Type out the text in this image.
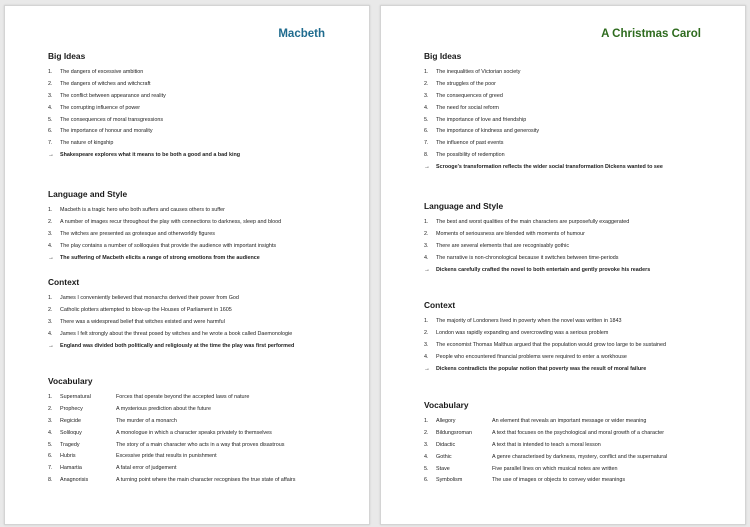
Macbeth
Big Ideas
1.	The dangers of excessive ambition
2.	The dangers of witches and witchcraft
3.	The conflict between appearance and reality
4.	The corrupting influence of power
5.	The consequences of moral transgressions
6.	The importance of honour and morality
7.	The nature of kingship
→	Shakespeare explores what it means to be both a good and a bad king
Language and Style
1.	Macbeth is a tragic hero who both suffers and causes others to suffer
2.	A number of images recur throughout the play with connections to darkness, sleep and blood
3.	The witches are presented as grotesque and otherworldly figures
4.	The play contains a number of soliloquies that provide the audience with important insights
→	The suffering of Macbeth elicits a range of strong emotions from the audience
Context
1.	James I conveniently believed that monarchs derived their power from God
2.	Catholic plotters attempted to blow-up the Houses of Parliament in 1605
3.	There was a widespread belief that witches existed and were harmful
4.	James I felt strongly about the threat posed by witches and he wrote a book called Daemonologie
→	England was divided both politically and religiously at the time the play was first performed
Vocabulary
1.	Supernatural	Forces that operate beyond the accepted laws of nature
2.	Prophecy	A mysterious prediction about the future
3.	Regicide	The murder of a monarch
4.	Soliloquy	A monologue in which a character speaks privately to themselves
5.	Tragedy	The story of a main character who acts in a way that proves disastrous
6.	Hubris	Excessive pride that results in punishment
7.	Hamartia	A fatal error of judgement
8.	Anagnorisis	A turning point where the main character recognises the true state of affairs
A Christmas Carol
Big Ideas
1.	The inequalities of Victorian society
2.	The struggles of the poor
3.	The consequences of greed
4.	The need for social reform
5.	The importance of love and friendship
6.	The importance of kindness and generosity
7.	The influence of past events
8.	The possibility of redemption
→	Scrooge's transformation reflects the wider social transformation Dickens wanted to see
Language and Style
1.	The best and worst qualities of the main characters are purposefully exaggerated
2.	Moments of seriousness are blended with moments of humour
3.	There are several elements that are recognisably gothic
4.	The narrative is non-chronological because it switches between time-periods
→	Dickens carefully crafted the novel to both entertain and gently provoke his readers
Context
1.	The majority of Londoners lived in poverty when the novel was written in 1843
2.	London was rapidly expanding and overcrowding was a serious problem
3.	The economist Thomas Malthus argued that the population would grow too large to be sustained
4.	People who encountered financial problems were required to enter a workhouse
→	Dickens contradicts the popular notion that poverty was the result of moral failure
Vocabulary
1.	Allegory	An element that reveals an important message or wider meaning
2.	Bildungsroman	A text that focuses on the psychological and moral growth of a character
3.	Didactic	A text that is intended to teach a moral lesson
4.	Gothic	A genre characterised by darkness, mystery, conflict and the supernatural
5.	Stave	Five parallel lines on which musical notes are written
6.	Symbolism	The use of images or objects to convey wider meanings
